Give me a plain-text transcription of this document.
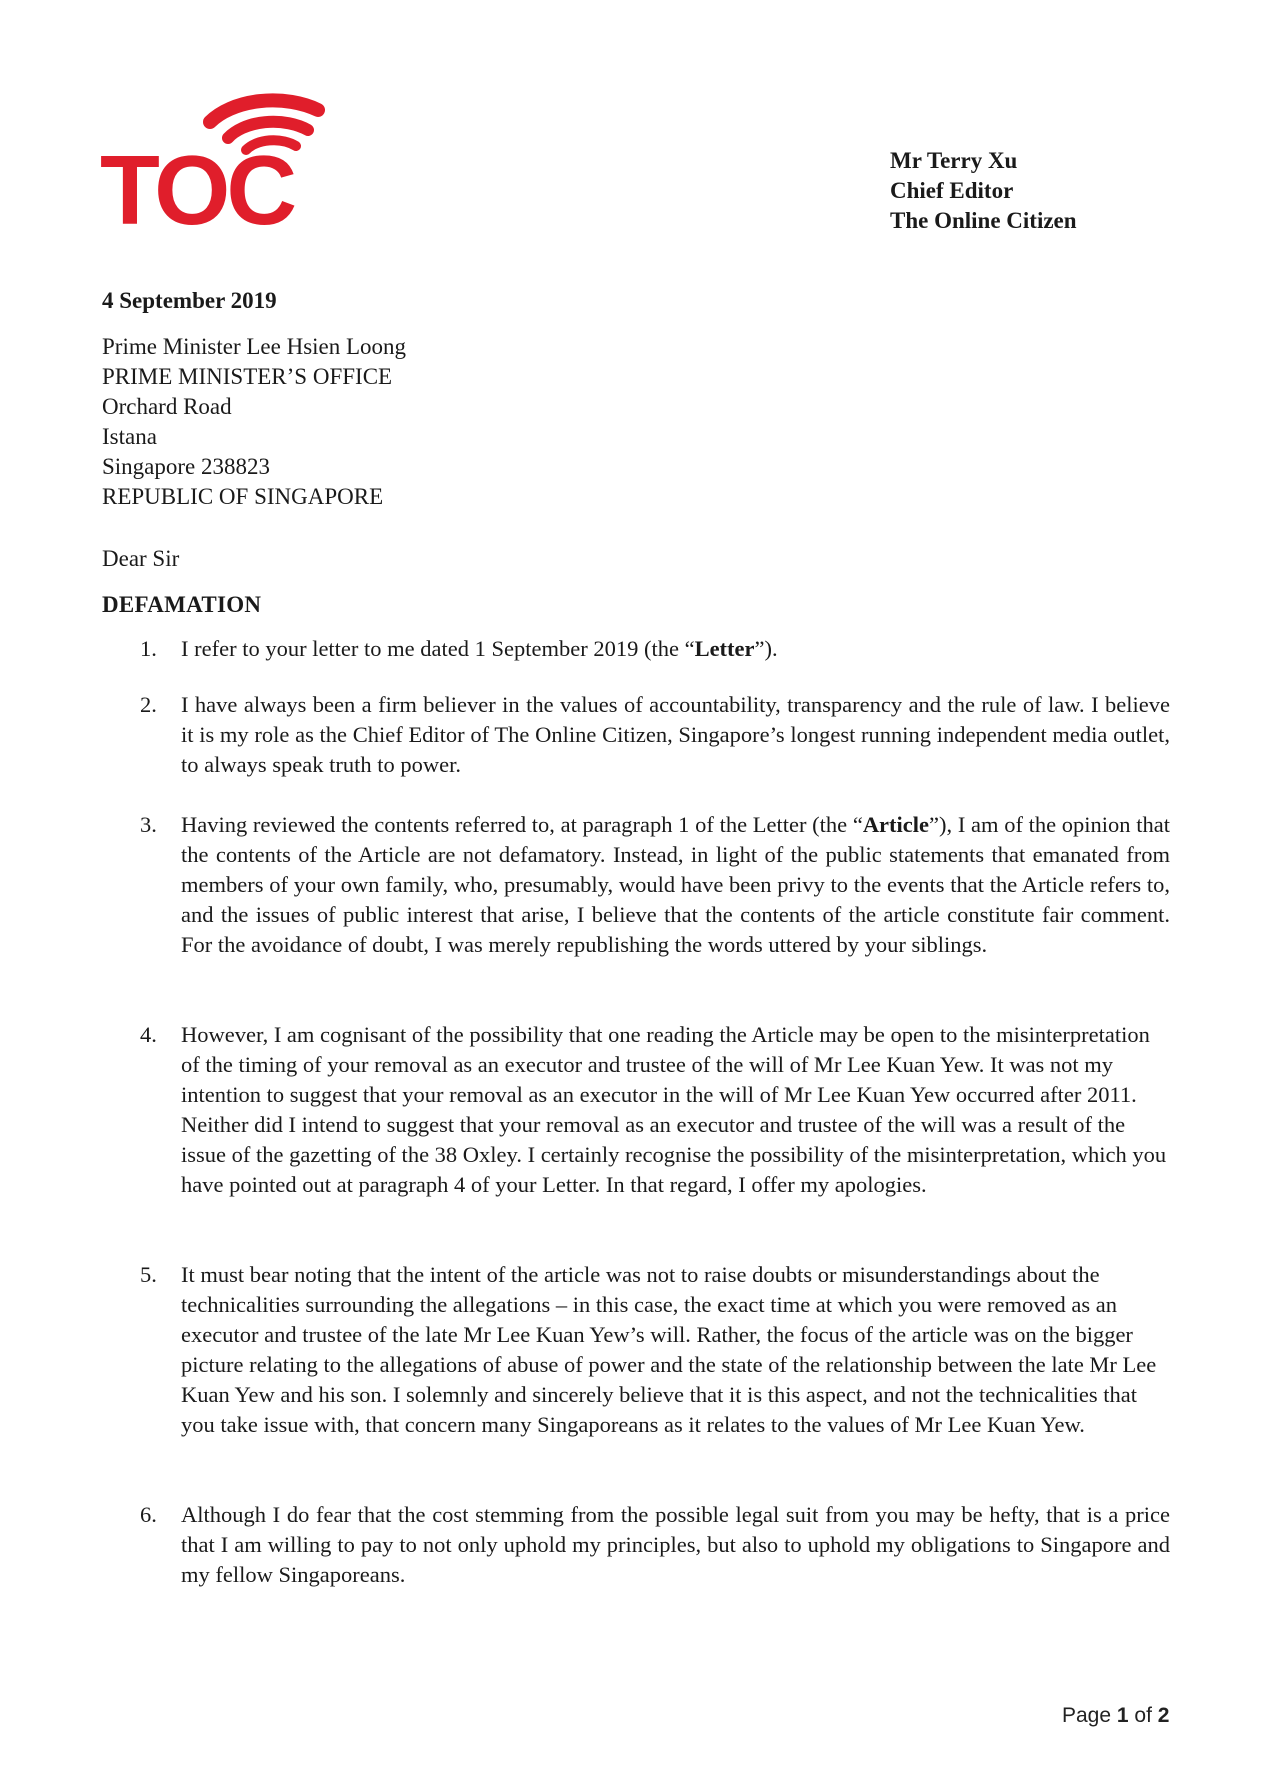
TOC	Mr Terry Xu
Chief Editor
The Online Citizen
4 September 2019
Prime Minister Lee Hsien Loong
PRIME MINISTER’S OFFICE
Orchard Road
Istana
Singapore 238823
REPUBLIC OF SINGAPORE
Dear Sir
DEFAMATION
1. I refer to your letter to me dated 1 September 2019 (the “Letter”).
2. I have always been a firm believer in the values of accountability, transparency and the rule of law. I believe it is my role as the Chief Editor of The Online Citizen, Singapore’s longest running independent media outlet, to always speak truth to power.
3. Having reviewed the contents referred to, at paragraph 1 of the Letter (the “Article”), I am of the opinion that the contents of the Article are not defamatory. Instead, in light of the public statements that emanated from members of your own family, who, presumably, would have been privy to the events that the Article refers to, and the issues of public interest that arise, I believe that the contents of the article constitute fair comment. For the avoidance of doubt, I was merely republishing the words uttered by your siblings.
4. However, I am cognisant of the possibility that one reading the Article may be open to the misinterpretation of the timing of your removal as an executor and trustee of the will of Mr Lee Kuan Yew. It was not my intention to suggest that your removal as an executor in the will of Mr Lee Kuan Yew occurred after 2011. Neither did I intend to suggest that your removal as an executor and trustee of the will was a result of the issue of the gazetting of the 38 Oxley. I certainly recognise the possibility of the misinterpretation, which you have pointed out at paragraph 4 of your Letter. In that regard, I offer my apologies.
5. It must bear noting that the intent of the article was not to raise doubts or misunderstandings about the technicalities surrounding the allegations – in this case, the exact time at which you were removed as an executor and trustee of the late Mr Lee Kuan Yew’s will. Rather, the focus of the article was on the bigger picture relating to the allegations of abuse of power and the state of the relationship between the late Mr Lee Kuan Yew and his son. I solemnly and sincerely believe that it is this aspect, and not the technicalities that you take issue with, that concern many Singaporeans as it relates to the values of Mr Lee Kuan Yew.
6. Although I do fear that the cost stemming from the possible legal suit from you may be hefty, that is a price that I am willing to pay to not only uphold my principles, but also to uphold my obligations to Singapore and my fellow Singaporeans.
Page 1 of 2
